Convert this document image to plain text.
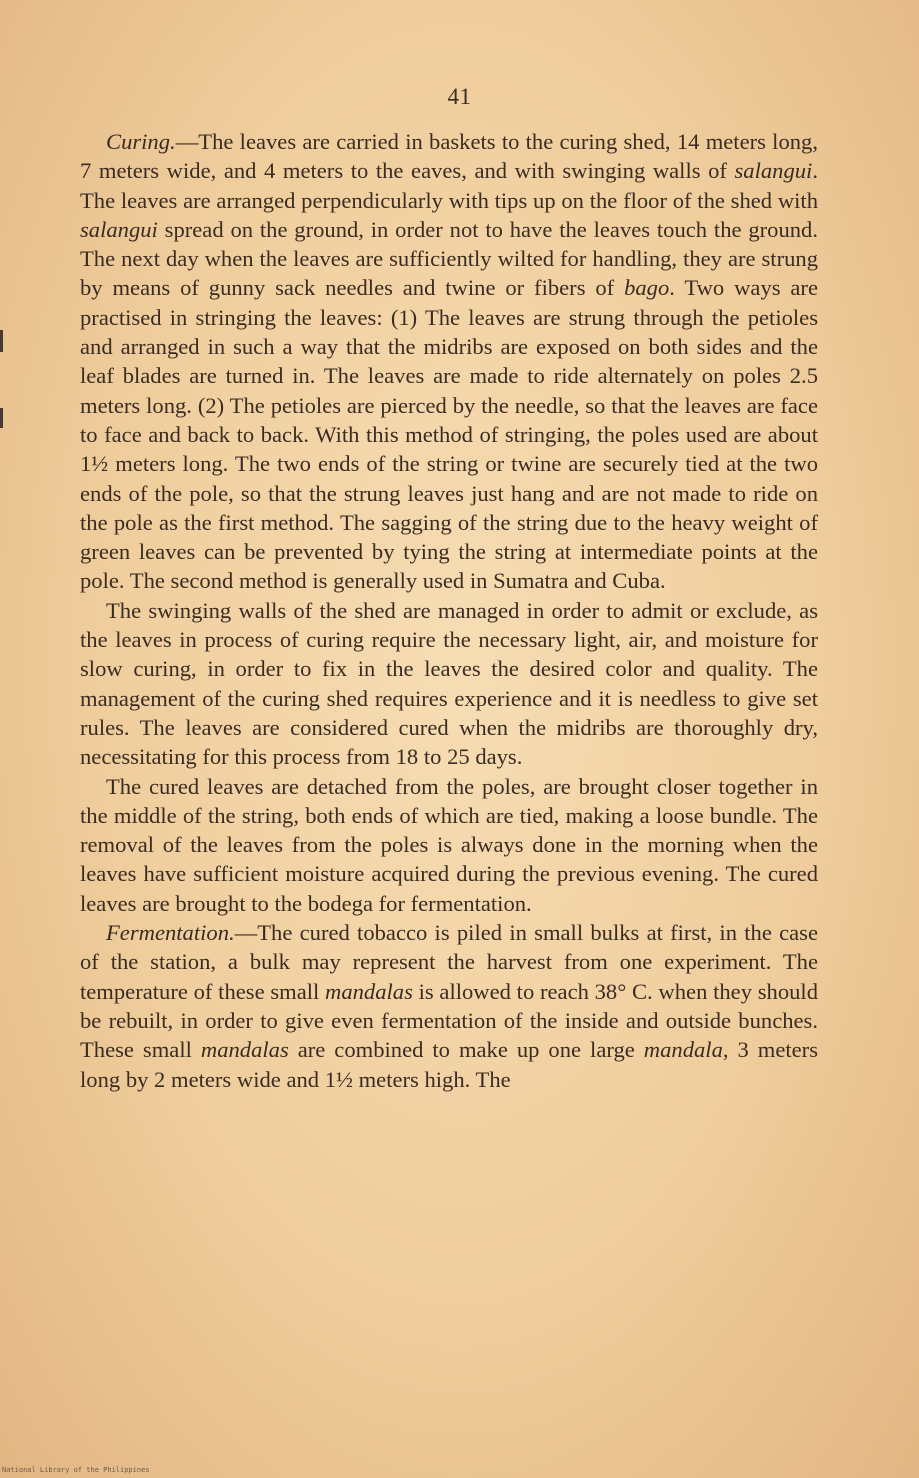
41

Curing.—The leaves are carried in baskets to the curing shed, 14 meters long, 7 meters wide, and 4 meters to the eaves, and with swinging walls of salangui. The leaves are arranged perpendicularly with tips up on the floor of the shed with salangui spread on the ground, in order not to have the leaves touch the ground. The next day when the leaves are sufficiently wilted for handling, they are strung by means of gunny sack needles and twine or fibers of bago. Two ways are practised in stringing the leaves: (1) The leaves are strung through the petioles and arranged in such a way that the midribs are exposed on both sides and the leaf blades are turned in. The leaves are made to ride alternately on poles 2.5 meters long. (2) The petioles are pierced by the needle, so that the leaves are face to face and back to back. With this method of stringing, the poles used are about 1½ meters long. The two ends of the string or twine are securely tied at the two ends of the pole, so that the strung leaves just hang and are not made to ride on the pole as the first method. The sagging of the string due to the heavy weight of green leaves can be prevented by tying the string at intermediate points at the pole. The second method is generally used in Sumatra and Cuba.

The swinging walls of the shed are managed in order to admit or exclude, as the leaves in process of curing require the necessary light, air, and moisture for slow curing, in order to fix in the leaves the desired color and quality. The management of the curing shed requires experience and it is needless to give set rules. The leaves are considered cured when the midribs are thoroughly dry, necessitating for this process from 18 to 25 days.

The cured leaves are detached from the poles, are brought closer together in the middle of the string, both ends of which are tied, making a loose bundle. The removal of the leaves from the poles is always done in the morning when the leaves have sufficient moisture acquired during the previous evening. The cured leaves are brought to the bodega for fermentation.

Fermentation.—The cured tobacco is piled in small bulks at first, in the case of the station, a bulk may represent the harvest from one experiment. The temperature of these small mandalas is allowed to reach 38° C. when they should be rebuilt, in order to give even fermentation of the inside and outside bunches. These small mandalas are combined to make up one large mandala, 3 meters long by 2 meters wide and 1½ meters high. The

National Library of the Philippines
